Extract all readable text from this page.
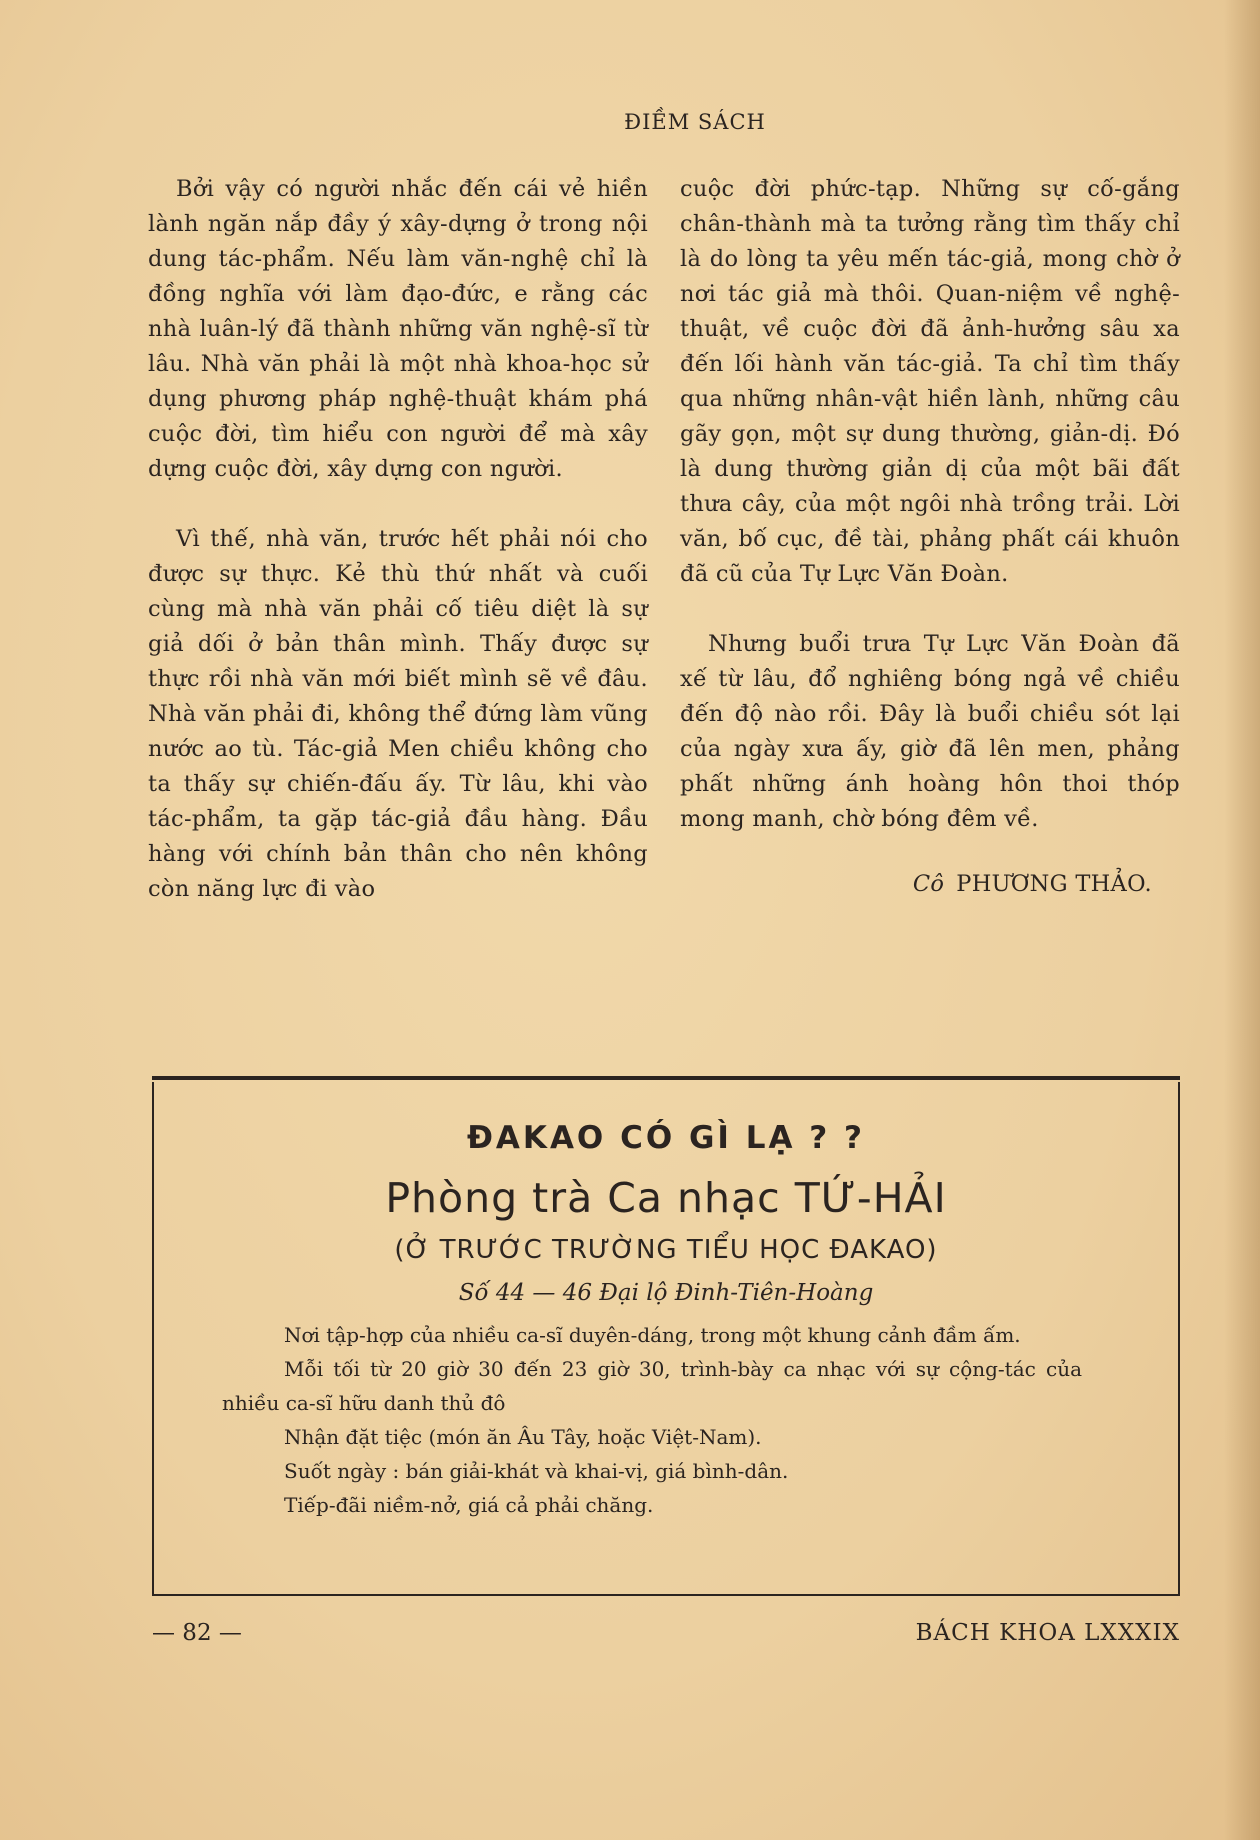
ĐIỀM SÁCH

Bởi vậy có người nhắc đến cái vẻ hiền lành ngăn nắp đầy ý xây-dựng ở trong nội dung tác-phẩm. Nếu làm văn-nghệ chỉ là đồng nghĩa với làm đạo-đức, e rằng các nhà luân-lý đã thành những văn nghệ-sĩ từ lâu. Nhà văn phải là một nhà khoa-học sử dụng phương pháp nghệ-thuật khám phá cuộc đời, tìm hiểu con người để mà xây dựng cuộc đời, xây dựng con người.

Vì thế, nhà văn, trước hết phải nói cho được sự thực. Kẻ thù thứ nhất và cuối cùng mà nhà văn phải cố tiêu diệt là sự giả dối ở bản thân mình. Thấy được sự thực rồi nhà văn mới biết mình sẽ về đâu. Nhà văn phải đi, không thể đứng làm vũng nước ao tù. Tác-giả Men chiều không cho ta thấy sự chiến-đấu ấy. Từ lâu, khi vào tác-phẩm, ta gặp tác-giả đầu hàng. Đầu hàng với chính bản thân cho nên không còn năng lực đi vào

cuộc đời phức-tạp. Những sự cố-gắng chân-thành mà ta tưởng rằng tìm thấy chỉ là do lòng ta yêu mến tác-giả, mong chờ ở nơi tác giả mà thôi. Quan-niệm về nghệ-thuật, về cuộc đời đã ảnh-hưởng sâu xa đến lối hành văn tác-giả. Ta chỉ tìm thấy qua những nhân-vật hiền lành, những câu gãy gọn, một sự dung thường, giản-dị. Đó là dung thường giản dị của một bãi đất thưa cây, của một ngôi nhà trồng trải. Lời văn, bố cục, đề tài, phảng phất cái khuôn đã cũ của Tự Lực Văn Đoàn.

Nhưng buổi trưa Tự Lực Văn Đoàn đã xế từ lâu, đổ nghiêng bóng ngả về chiều đến độ nào rồi. Đây là buổi chiều sót lại của ngày xưa ấy, giờ đã lên men, phảng phất những ánh hoàng hôn thoi thóp mong manh, chờ bóng đêm về.

Cô PHƯƠNG THẢO.
ĐAKAO CÓ GÌ LẠ ? ?
Phòng trà Ca nhạc TỨ-HẢI
(Ở TRƯỚC TRƯỜNG TIỂU HỌC ĐAKAO)
Số 44 — 46 Đại lộ Đinh-Tiên-Hoàng

Nơi tập-hợp của nhiều ca-sĩ duyên-dáng, trong một khung cảnh đầm ấm.

Mỗi tối từ 20 giờ 30 đến 23 giờ 30, trình-bày ca nhạc với sự cộng-tác của nhiều ca-sĩ hữu danh thủ đô

Nhận đặt tiệc (món ăn Âu Tây, hoặc Việt-Nam).

Suốt ngày : bán giải-khát và khai-vị, giá bình-dân.

Tiếp-đãi niềm-nở, giá cả phải chăng.

— 82 —	BÁCH KHOA LXXXIX
